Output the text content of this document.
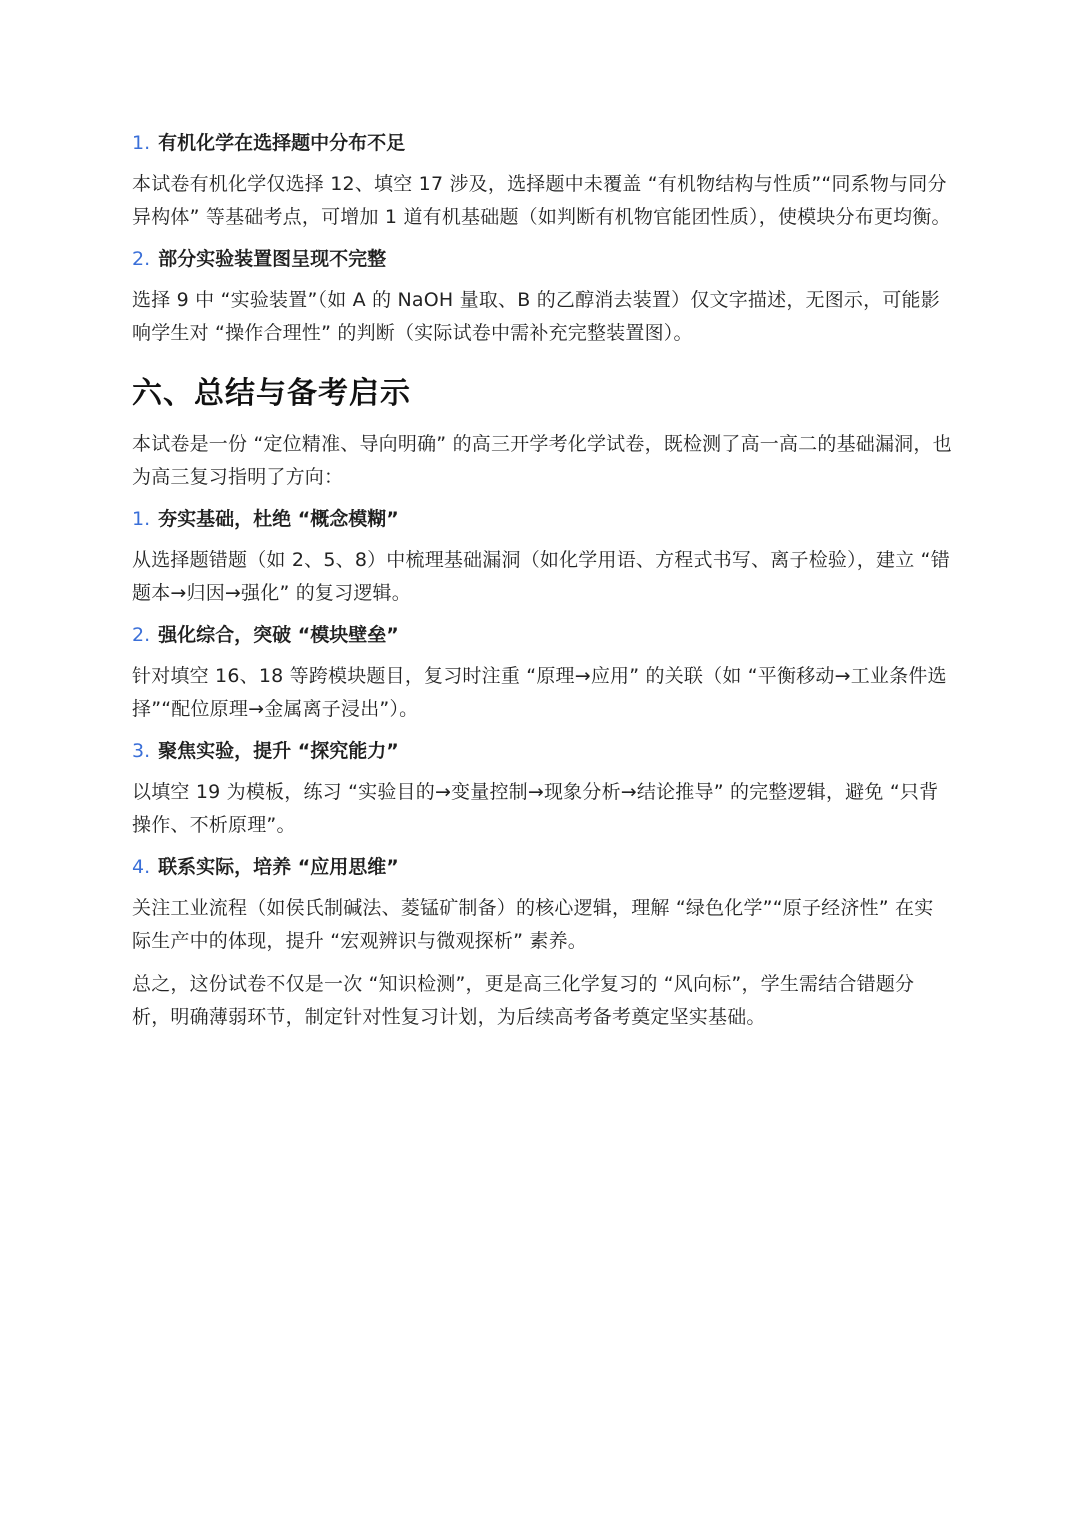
1. 有机化学在选择题中分布不足

本试卷有机化学仅选择 12、填空 17 涉及，选择题中未覆盖 “有机物结构与性质”“同系物与同分异构体” 等基础考点，可增加 1 道有机基础题（如判断有机物官能团性质），使模块分布更均衡。

2. 部分实验装置图呈现不完整

选择 9 中 “实验装置”（如 A 的 NaOH 量取、B 的乙醇消去装置）仅文字描述，无图示，可能影响学生对 “操作合理性” 的判断（实际试卷中需补充完整装置图）。

六、总结与备考启示

本试卷是一份 “定位精准、导向明确” 的高三开学考化学试卷，既检测了高一高二的基础漏洞，也为高三复习指明了方向：

1. 夯实基础，杜绝 “概念模糊”

从选择题错题（如 2、5、8）中梳理基础漏洞（如化学用语、方程式书写、离子检验），建立 “错题本→归因→强化” 的复习逻辑。

2. 强化综合，突破 “模块壁垒”

针对填空 16、18 等跨模块题目，复习时注重 “原理→应用” 的关联（如 “平衡移动→工业条件选择”“配位原理→金属离子浸出”）。

3. 聚焦实验，提升 “探究能力”

以填空 19 为模板，练习 “实验目的→变量控制→现象分析→结论推导” 的完整逻辑，避免 “只背操作、不析原理”。

4. 联系实际，培养 “应用思维”

关注工业流程（如侯氏制碱法、菱锰矿制备）的核心逻辑，理解 “绿色化学”“原子经济性” 在实际生产中的体现，提升 “宏观辨识与微观探析” 素养。

总之，这份试卷不仅是一次 “知识检测”，更是高三化学复习的 “风向标”，学生需结合错题分析，明确薄弱环节，制定针对性复习计划，为后续高考备考奠定坚实基础。
